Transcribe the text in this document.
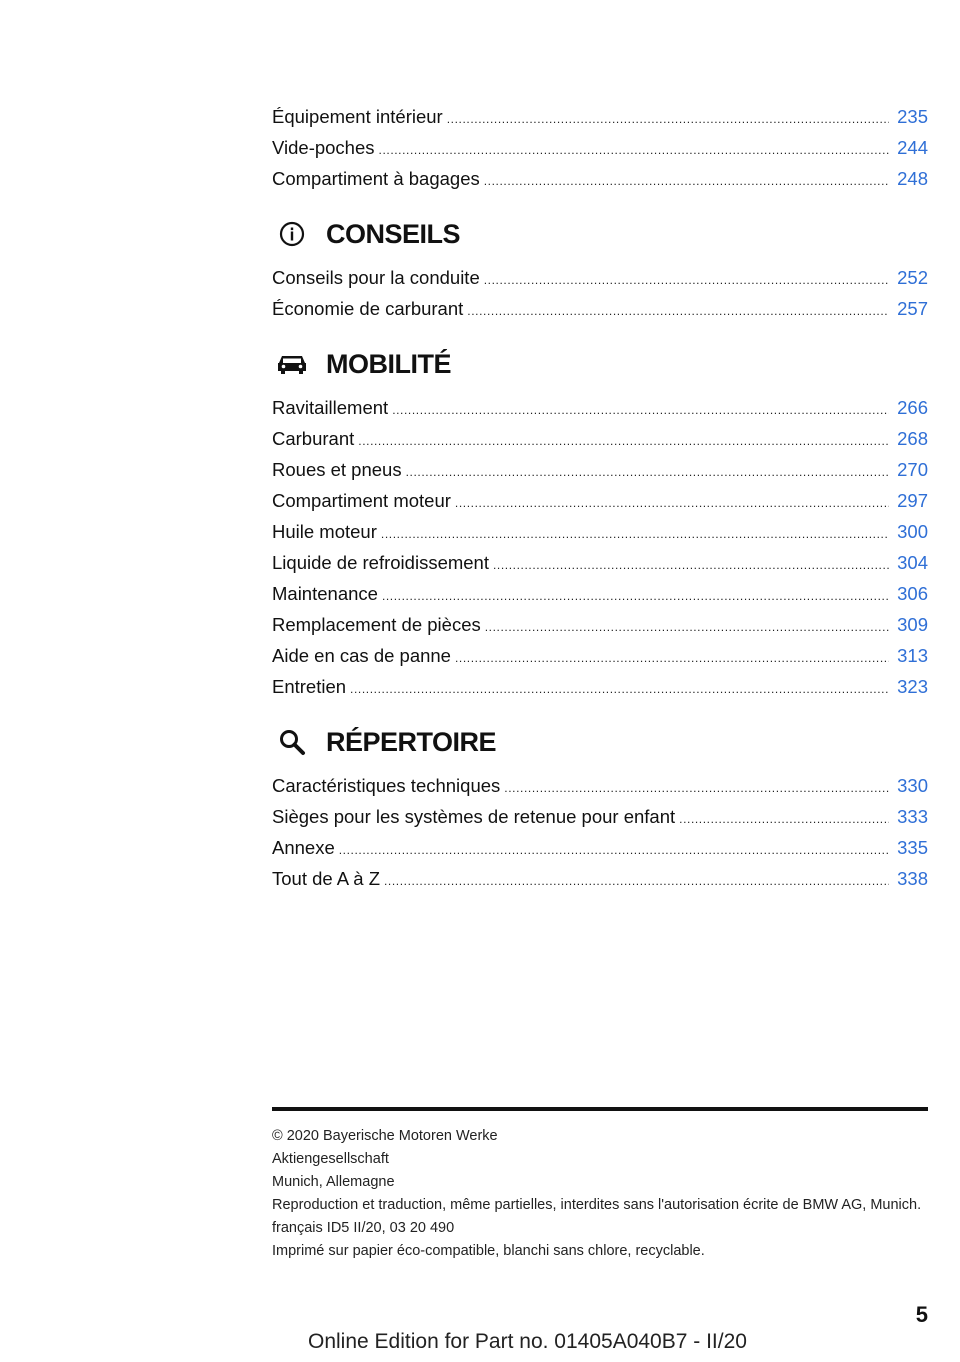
Équipement intérieur .....	235
Vide-poches .....	244
Compartiment à bagages .....	248
CONSEILS
Conseils pour la conduite .....	252
Économie de carburant .....	257
MOBILITÉ
Ravitaillement .....	266
Carburant .....	268
Roues et pneus .....	270
Compartiment moteur .....	297
Huile moteur .....	300
Liquide de refroidissement .....	304
Maintenance .....	306
Remplacement de pièces .....	309
Aide en cas de panne .....	313
Entretien .....	323
RÉPERTOIRE
Caractéristiques techniques .....	330
Sièges pour les systèmes de retenue pour enfant .....	333
Annexe .....	335
Tout de A à Z .....	338
© 2020 Bayerische Motoren Werke
Aktiengesellschaft
Munich, Allemagne
Reproduction et traduction, même partielles, interdites sans l'autorisation écrite de BMW AG, Munich.
français ID5 II/20, 03 20 490
Imprimé sur papier éco-compatible, blanchi sans chlore, recyclable.
5
Online Edition for Part no. 01405A040B7 - II/20
